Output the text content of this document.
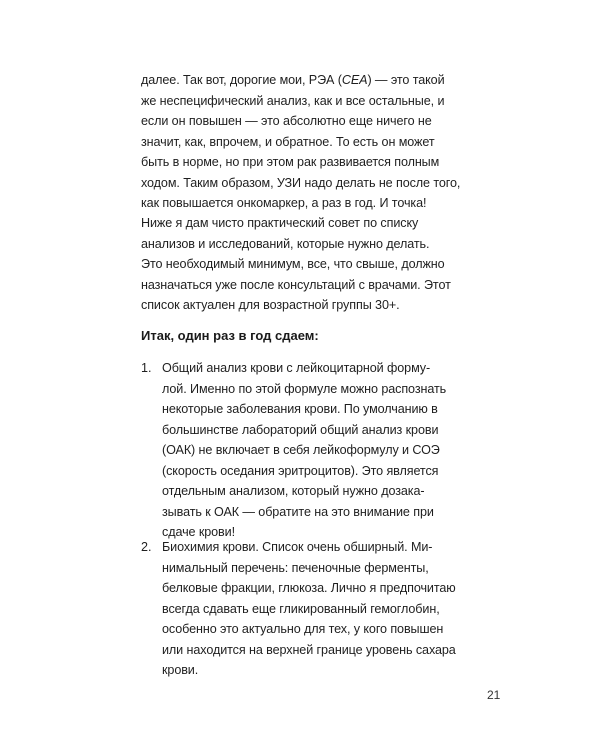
далее. Так вот, дорогие мои, РЭА (CEA) — это такой
же неспецифический анализ, как и все остальные, и
если он повышен — это абсолютно еще ничего не
значит, как, впрочем, и обратное. То есть он может
быть в норме, но при этом рак развивается полным
ходом. Таким образом, УЗИ надо делать не после того,
как повышается онкомаркер, а раз в год. И точка!
Ниже я дам чисто практический совет по списку
анализов и исследований, которые нужно делать.
Это необходимый минимум, все, что свыше, должно
назначаться уже после консультаций с врачами. Этот
список актуален для возрастной группы 30+.
Итак, один раз в год сдаем:
1. Общий анализ крови с лейкоцитарной форму-
лой. Именно по этой формуле можно распознать
некоторые заболевания крови. По умолчанию в
большинстве лабораторий общий анализ крови
(ОАК) не включает в себя лейкоформулу и СОЭ
(скорость оседания эритроцитов). Это является
отдельным анализом, который нужно дозака-
зывать к ОАК — обратите на это внимание при
сдаче крови!
2. Биохимия крови. Список очень обширный. Ми-
нимальный перечень: печеночные ферменты,
белковые фракции, глюкоза. Лично я предпочитаю
всегда сдавать еще гликированный гемоглобин,
особенно это актуально для тех, у кого повышен
или находится на верхней границе уровень сахара
крови.
21
